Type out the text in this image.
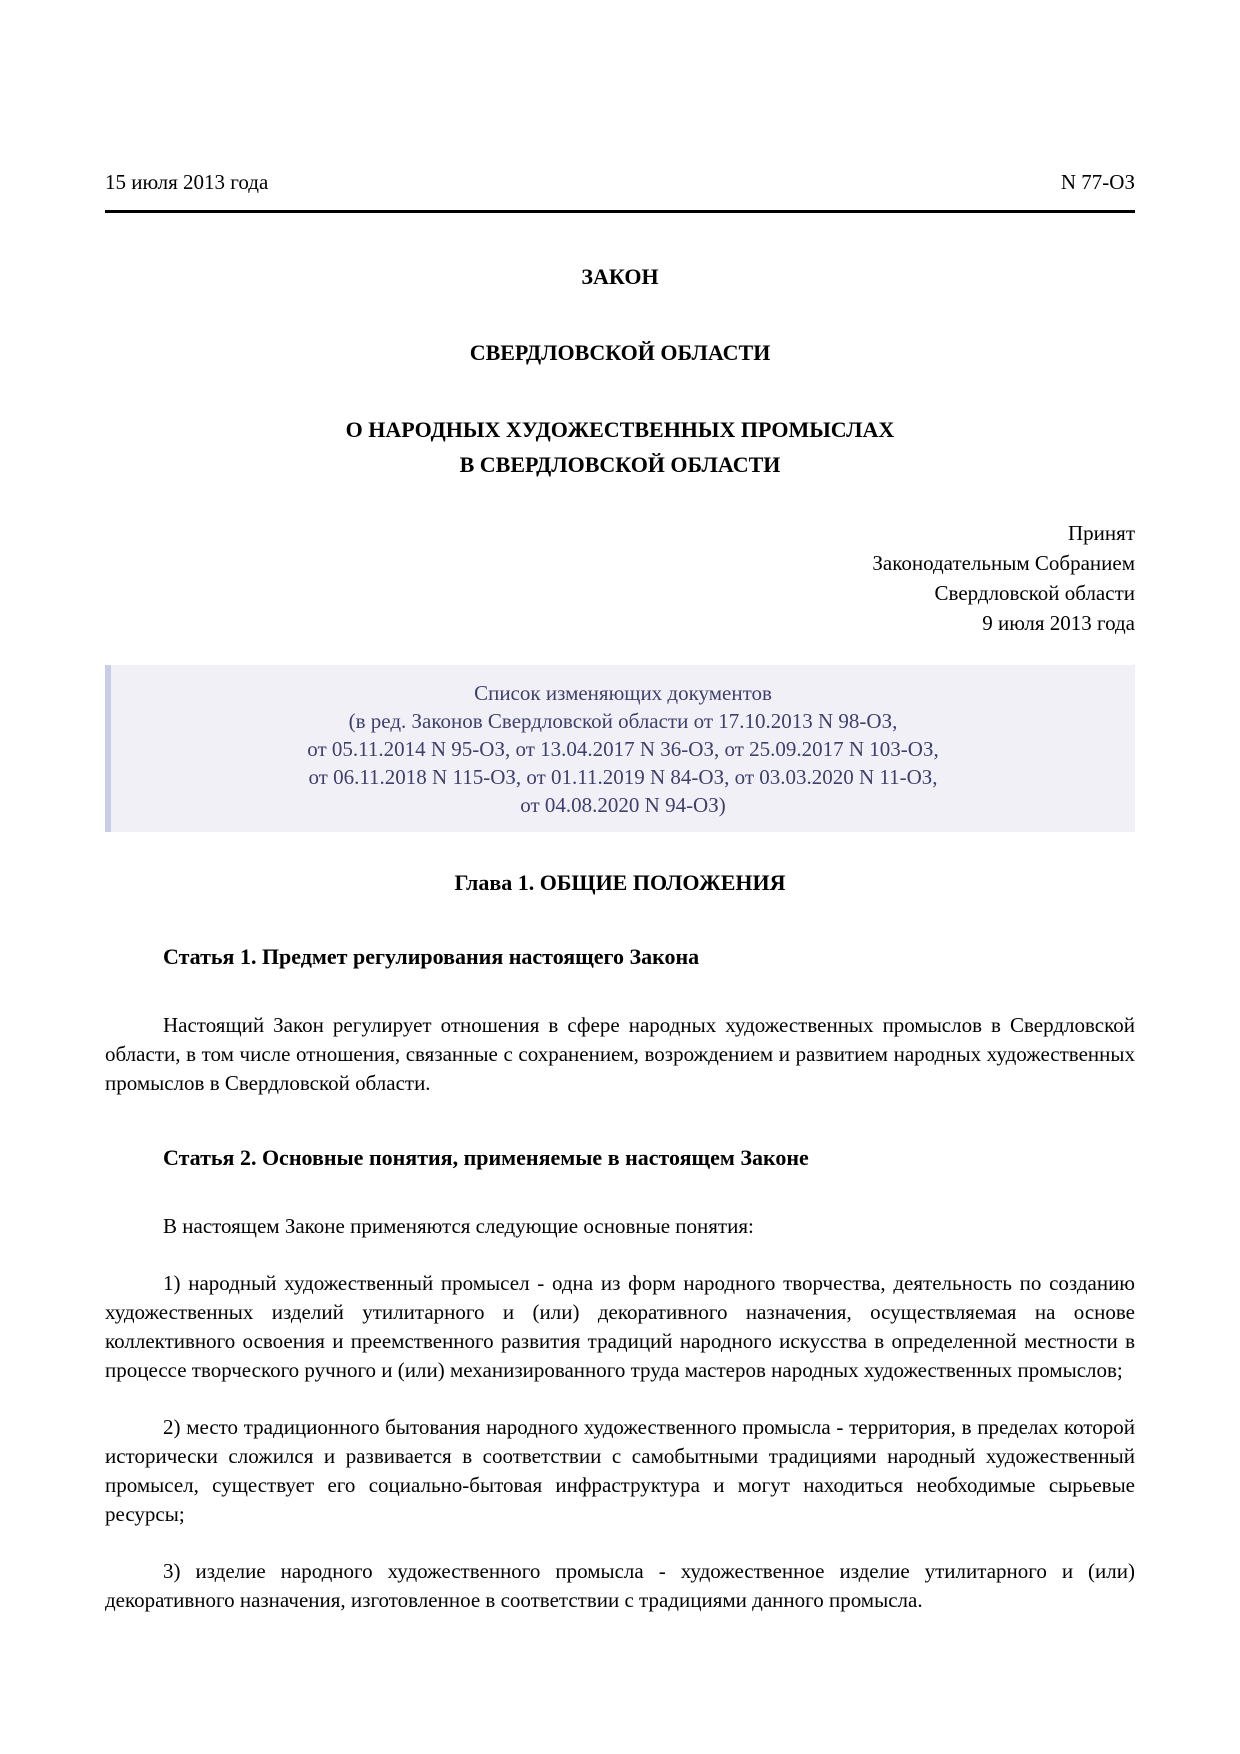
15 июля 2013 года	N 77-ОЗ
ЗАКОН
СВЕРДЛОВСКОЙ ОБЛАСТИ
О НАРОДНЫХ ХУДОЖЕСТВЕННЫХ ПРОМЫСЛАХ
В СВЕРДЛОВСКОЙ ОБЛАСТИ
Принят
Законодательным Собранием
Свердловской области
9 июля 2013 года
Список изменяющих документов
(в ред. Законов Свердловской области от 17.10.2013 N 98-ОЗ,
от 05.11.2014 N 95-ОЗ, от 13.04.2017 N 36-ОЗ, от 25.09.2017 N 103-ОЗ,
от 06.11.2018 N 115-ОЗ, от 01.11.2019 N 84-ОЗ, от 03.03.2020 N 11-ОЗ,
от 04.08.2020 N 94-ОЗ)
Глава 1. ОБЩИЕ ПОЛОЖЕНИЯ
Статья 1. Предмет регулирования настоящего Закона

Настоящий Закон регулирует отношения в сфере народных художественных промыслов в Свердловской области, в том числе отношения, связанные с сохранением, возрождением и развитием народных художественных промыслов в Свердловской области.

Статья 2. Основные понятия, применяемые в настоящем Законе

В настоящем Законе применяются следующие основные понятия:

1) народный художественный промысел - одна из форм народного творчества, деятельность по созданию художественных изделий утилитарного и (или) декоративного назначения, осуществляемая на основе коллективного освоения и преемственного развития традиций народного искусства в определенной местности в процессе творческого ручного и (или) механизированного труда мастеров народных художественных промыслов;

2) место традиционного бытования народного художественного промысла - территория, в пределах которой исторически сложился и развивается в соответствии с самобытными традициями народный художественный промысел, существует его социально-бытовая инфраструктура и могут находиться необходимые сырьевые ресурсы;

3) изделие народного художественного промысла - художественное изделие утилитарного и (или) декоративного назначения, изготовленное в соответствии с традициями данного промысла.
